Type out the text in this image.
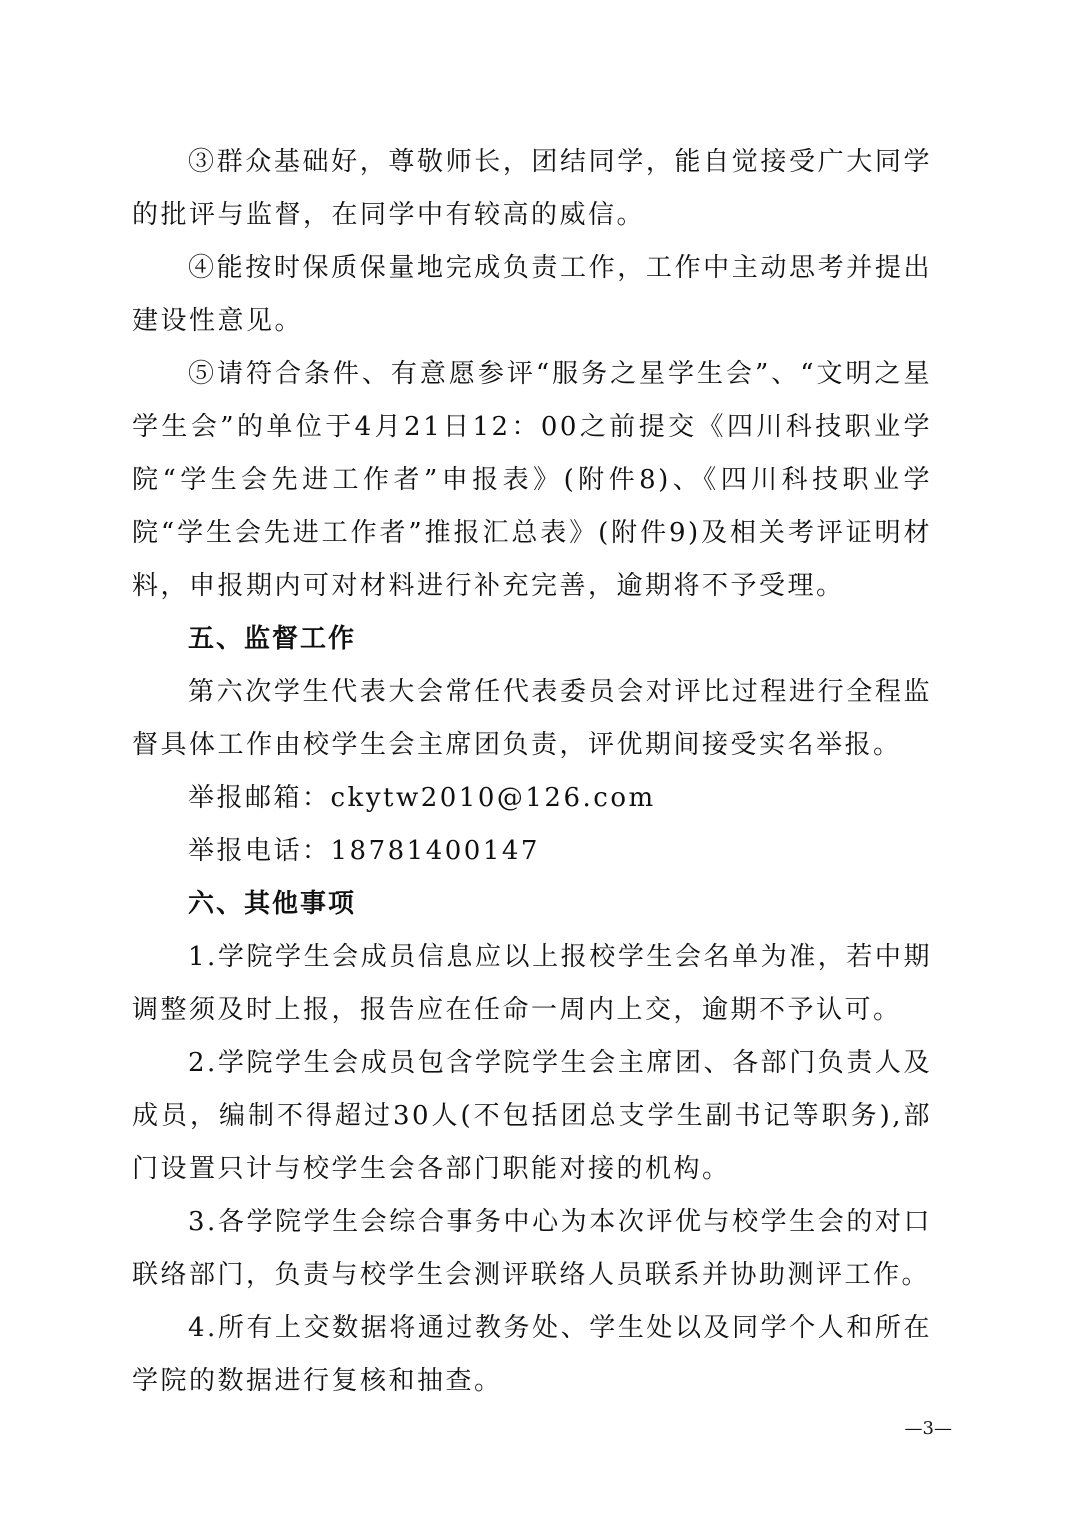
③群众基础好，尊敬师长，团结同学，能自觉接受广大同学的批评与监督，在同学中有较高的威信。

④能按时保质保量地完成负责工作，工作中主动思考并提出建设性意见。

⑤请符合条件、有意愿参评“服务之星学生会”、“文明之星学生会”的单位于4月21日12：00之前提交《四川科技职业学院“学生会先进工作者”申报表》(附件8)、《四川科技职业学院“学生会先进工作者”推报汇总表》(附件9)及相关考评证明材料，申报期内可对材料进行补充完善，逾期将不予受理。

五、监督工作

第六次学生代表大会常任代表委员会对评比过程进行全程监督具体工作由校学生会主席团负责，评优期间接受实名举报。

举报邮箱：ckytw2010@126.com

举报电话：18781400147

六、其他事项

1.学院学生会成员信息应以上报校学生会名单为准，若中期调整须及时上报，报告应在任命一周内上交，逾期不予认可。

2.学院学生会成员包含学院学生会主席团、各部门负责人及成员，编制不得超过30人(不包括团总支学生副书记等职务),部门设置只计与校学生会各部门职能对接的机构。

3.各学院学生会综合事务中心为本次评优与校学生会的对口联络部门，负责与校学生会测评联络人员联系并协助测评工作。

4.所有上交数据将通过教务处、学生处以及同学个人和所在学院的数据进行复核和抽查。

—3—
